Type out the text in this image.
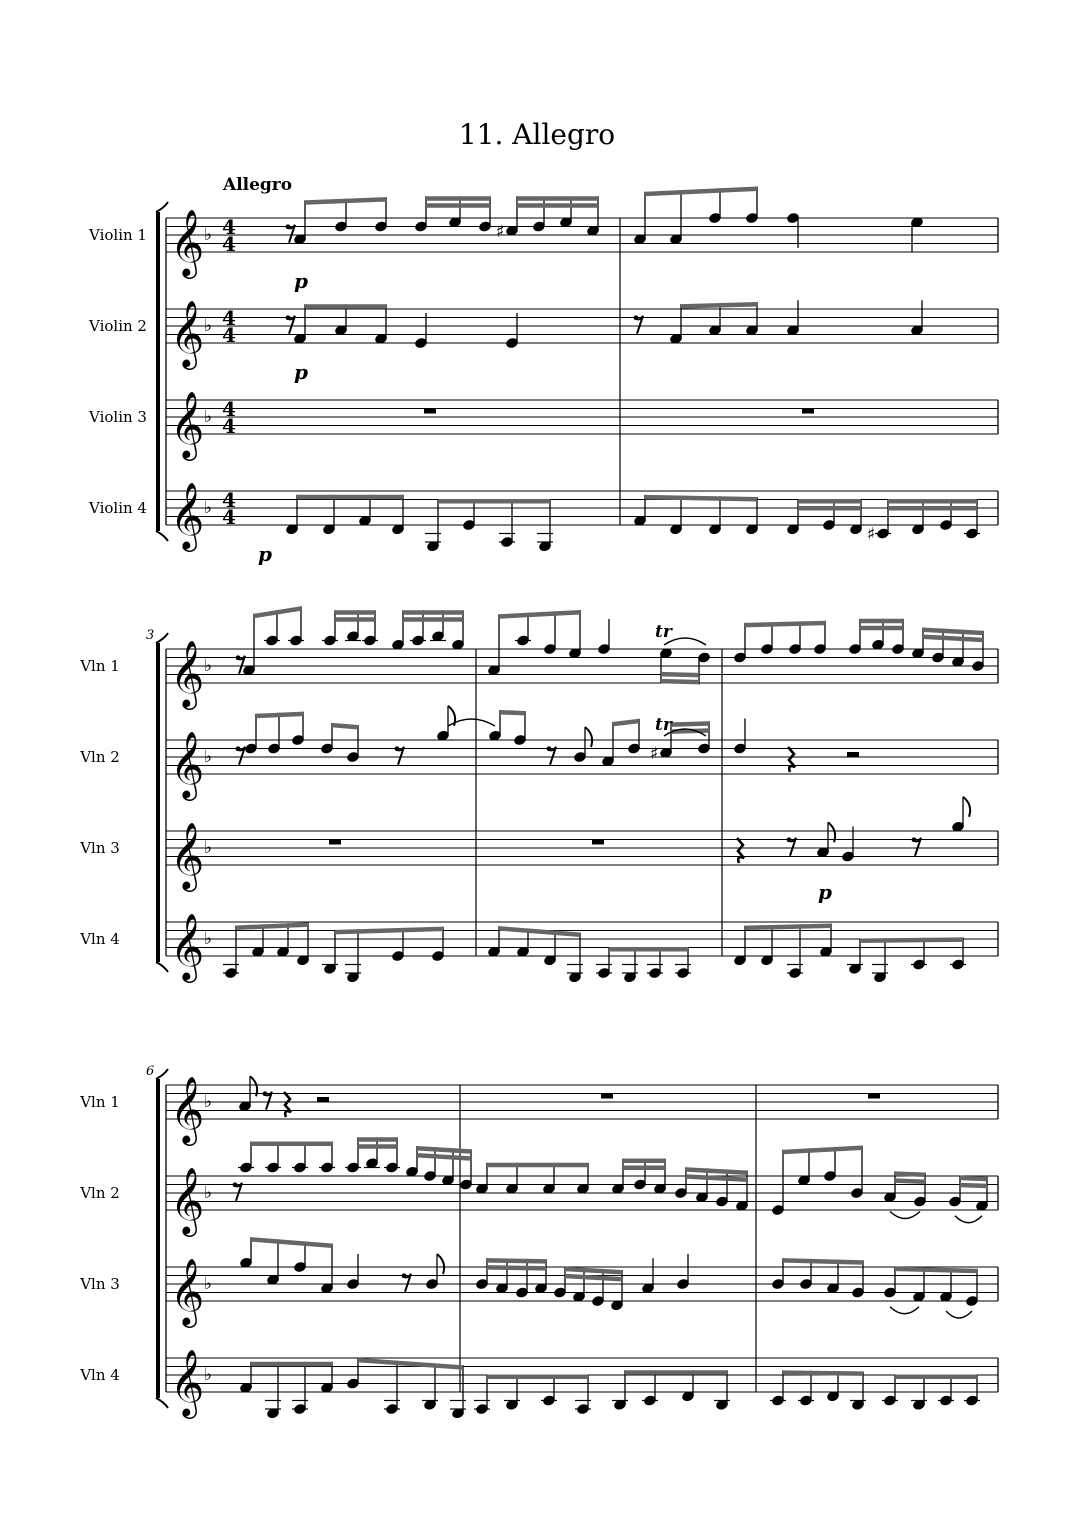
11. Allegro
Allegro
Violin 1 𝄞 ♭ 4
4
Violin 2 𝄞 ♭ 4
4
Violin 3 𝄞 ♭ 4
4
Violin 4 𝄞 ♭ 4
4
3
Vln 1 𝄞 ♭
Vln 2 𝄞 ♭
Vln 3 𝄞 ♭
Vln 4 𝄞 ♭
6
Vln 1 𝄞 ♭
Vln 2 𝄞 ♭
Vln 3 𝄞 ♭
Vln 4 𝄞 ♭
♯
p
p
p
♯
tr
♯
tr
p
